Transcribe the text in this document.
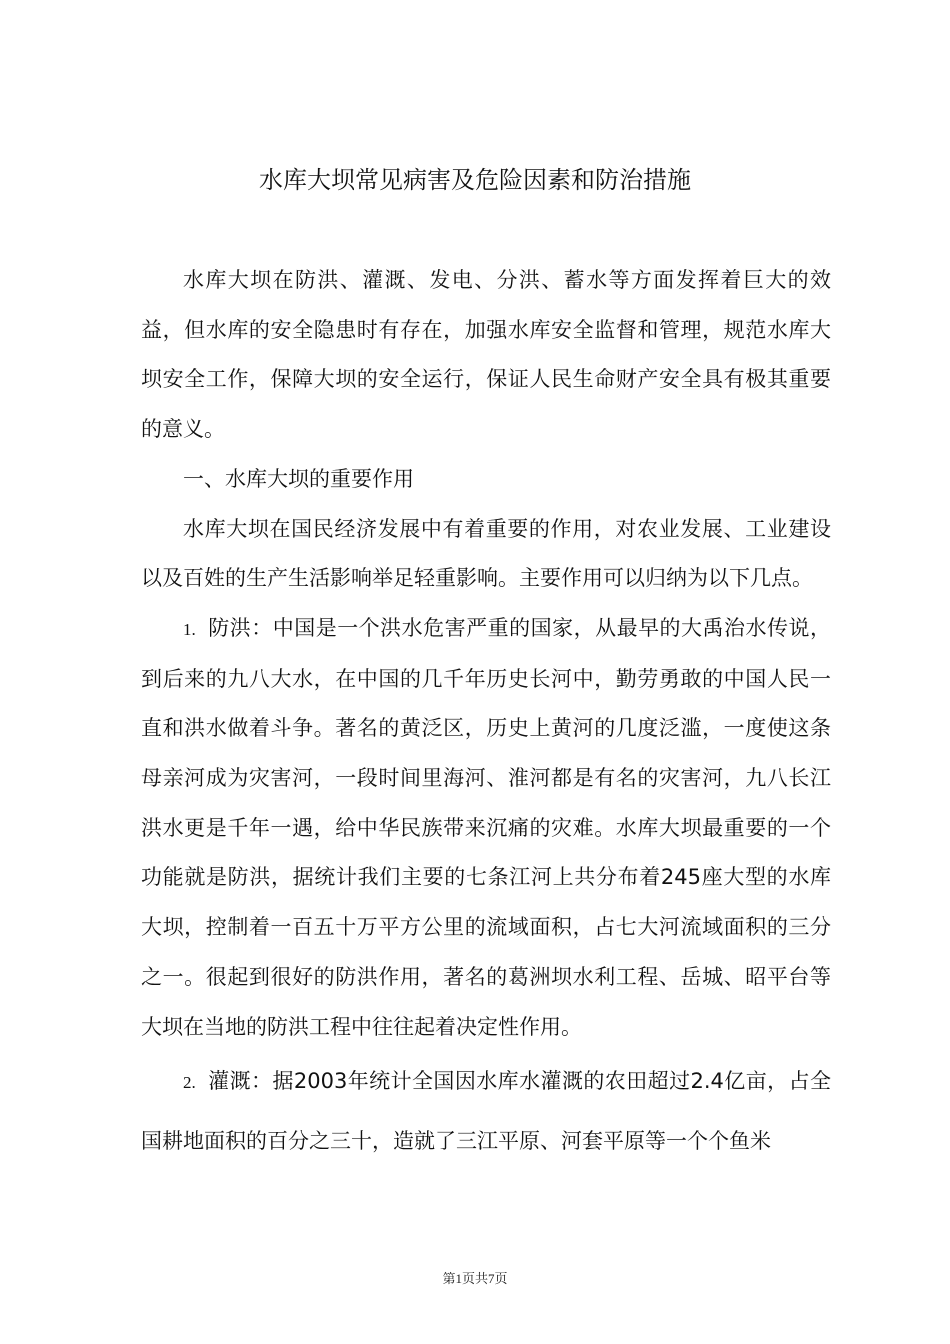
水库大坝常见病害及危险因素和防治措施

水库大坝在防洪、灌溉、发电、分洪、蓄水等方面发挥着巨大的效益，但水库的安全隐患时有存在，加强水库安全监督和管理，规范水库大坝安全工作，保障大坝的安全运行，保证人民生命财产安全具有极其重要的意义。

一、水库大坝的重要作用

水库大坝在国民经济发展中有着重要的作用，对农业发展、工业建设以及百姓的生产生活影响举足轻重影响。主要作用可以归纳为以下几点。

1. 防洪：中国是一个洪水危害严重的国家，从最早的大禹治水传说，到后来的九八大水，在中国的几千年历史长河中，勤劳勇敢的中国人民一直和洪水做着斗争。著名的黄泛区，历史上黄河的几度泛滥，一度使这条母亲河成为灾害河，一段时间里海河、淮河都是有名的灾害河，九八长江洪水更是千年一遇，给中华民族带来沉痛的灾难。水库大坝最重要的一个功能就是防洪，据统计我们主要的七条江河上共分布着245座大型的水库大坝，控制着一百五十万平方公里的流域面积，占七大河流域面积的三分之一。很起到很好的防洪作用，著名的葛洲坝水利工程、岳城、昭平台等大坝在当地的防洪工程中往往起着决定性作用。

2. 灌溉：据2003年统计全国因水库水灌溉的农田超过2.4亿亩，占全国耕地面积的百分之三十，造就了三江平原、河套平原等一个个鱼米

第1页共7页
